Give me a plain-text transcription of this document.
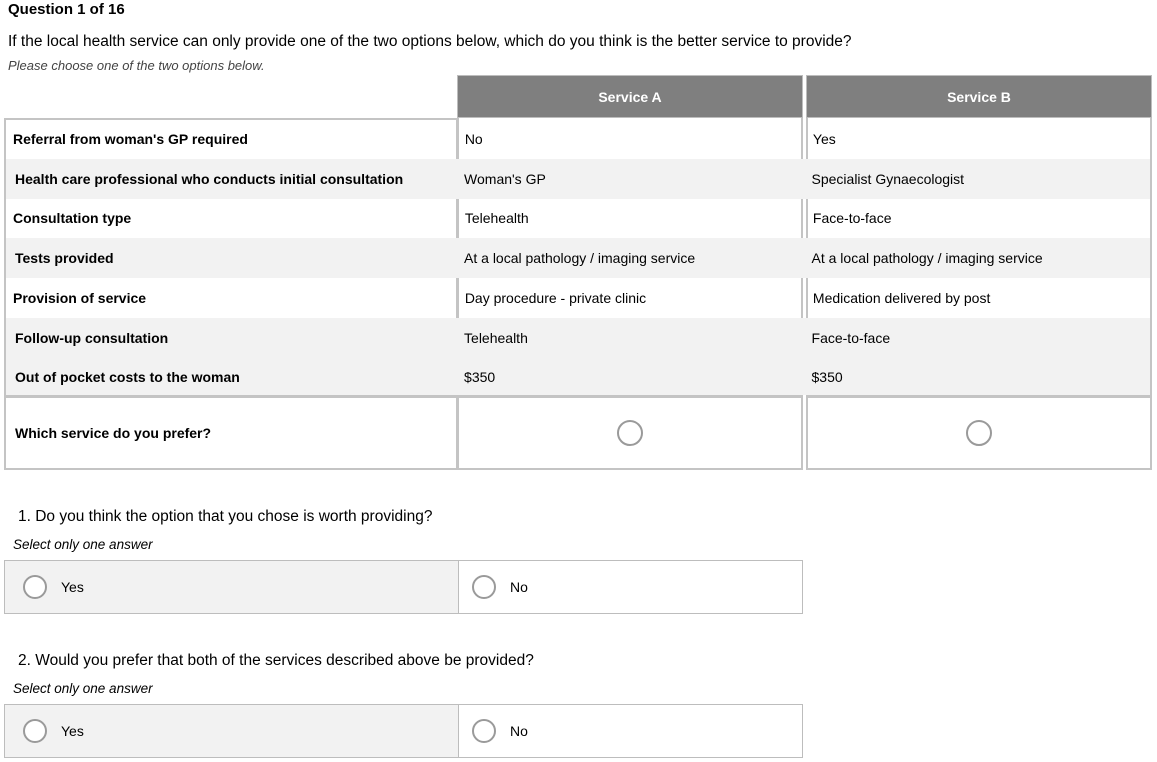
Question 1 of 16
If the local health service can only provide one of the two options below, which do you think is the better service to provide?
Please choose one of the two options below.
Service A	Service B
Referral from woman's GP required	No	Yes
Health care professional who conducts initial consultation	Woman's GP	Specialist Gynaecologist
Consultation type	Telehealth	Face-to-face
Tests provided	At a local pathology / imaging service	At a local pathology / imaging service
Provision of service	Day procedure - private clinic	Medication delivered by post
Follow-up consultation	Telehealth	Face-to-face
Out of pocket costs to the woman	$350	$350
Which service do you prefer?
1. Do you think the option that you chose is worth providing?
Select only one answer
Yes	No
2. Would you prefer that both of the services described above be provided?
Select only one answer
Yes	No
